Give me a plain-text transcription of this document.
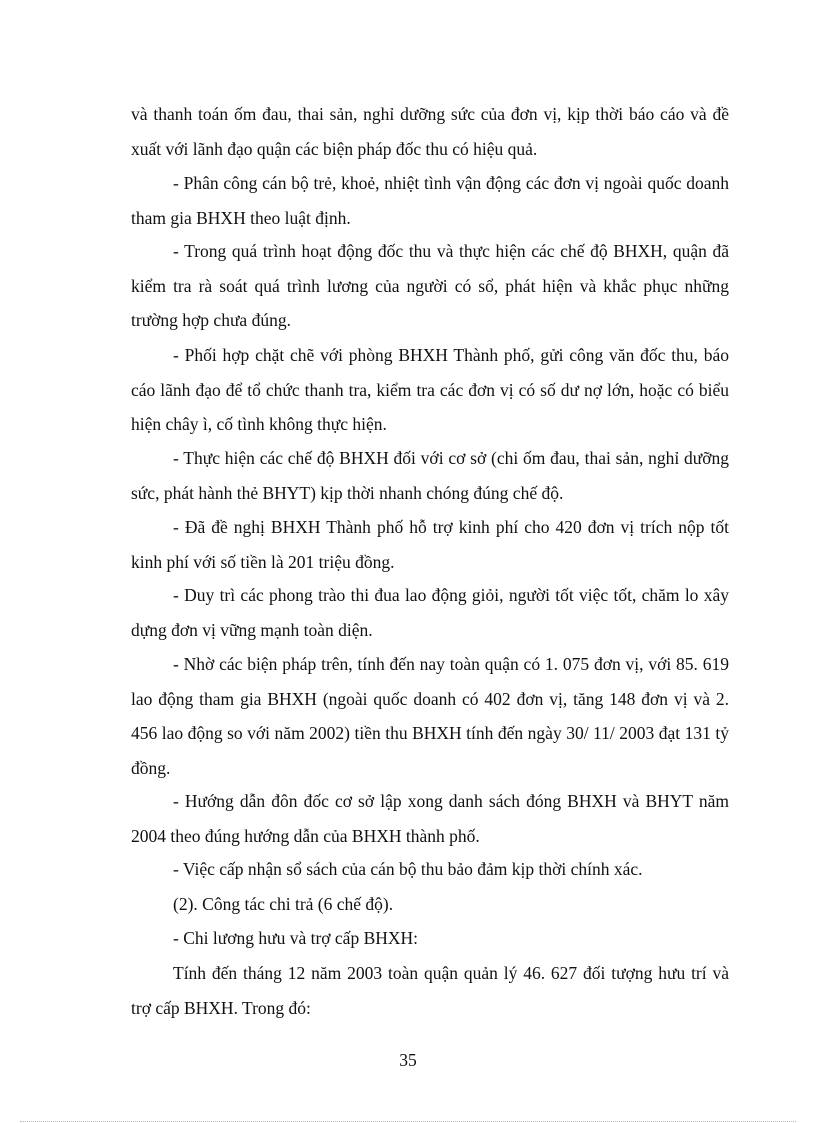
và thanh toán ốm đau, thai sản, nghỉ dưỡng sức của đơn vị, kịp thời báo cáo và đề xuất với lãnh đạo quận các biện pháp đốc thu có hiệu quả.

- Phân công cán bộ trẻ, khoẻ, nhiệt tình vận động các đơn vị ngoài quốc doanh tham gia BHXH theo luật định.

- Trong quá trình hoạt động đốc thu và thực hiện các chế độ BHXH, quận đã kiểm tra rà soát quá trình lương của người có sổ, phát hiện và khắc phục những trường hợp chưa đúng.

- Phối hợp chặt chẽ với phòng BHXH Thành phố, gửi công văn đốc thu, báo cáo lãnh đạo để tổ chức thanh tra, kiểm tra các đơn vị có số dư nợ lớn, hoặc có biểu hiện chây ì, cố tình không thực hiện.

- Thực hiện các chế độ BHXH đối với cơ sở (chi ốm đau, thai sản, nghỉ dưỡng sức, phát hành thẻ BHYT) kịp thời nhanh chóng đúng chế độ.

- Đã đề nghị BHXH Thành phố hỗ trợ kinh phí cho 420 đơn vị trích nộp tốt kinh phí với số tiền là 201 triệu đồng.

- Duy trì các phong trào thi đua lao động giỏi, người tốt việc tốt, chăm lo xây dựng đơn vị vững mạnh toàn diện.

- Nhờ các biện pháp trên, tính đến nay toàn quận có 1. 075 đơn vị, với 85. 619 lao động tham gia BHXH (ngoài quốc doanh có 402 đơn vị, tăng 148 đơn vị và 2. 456 lao động so với năm 2002) tiền thu BHXH tính đến ngày 30/ 11/ 2003 đạt 131 tỷ đồng.

- Hướng dẫn đôn đốc cơ sở lập xong danh sách đóng BHXH và BHYT năm 2004 theo đúng hướng dẫn của BHXH thành phố.

- Việc cấp nhận sổ sách của cán bộ thu bảo đảm kịp thời chính xác.

(2). Công tác chi trả (6 chế độ).

- Chi lương hưu và trợ cấp BHXH:

Tính đến tháng 12 năm 2003 toàn quận quản lý 46. 627 đối tượng hưu trí và trợ cấp BHXH. Trong đó:

35
